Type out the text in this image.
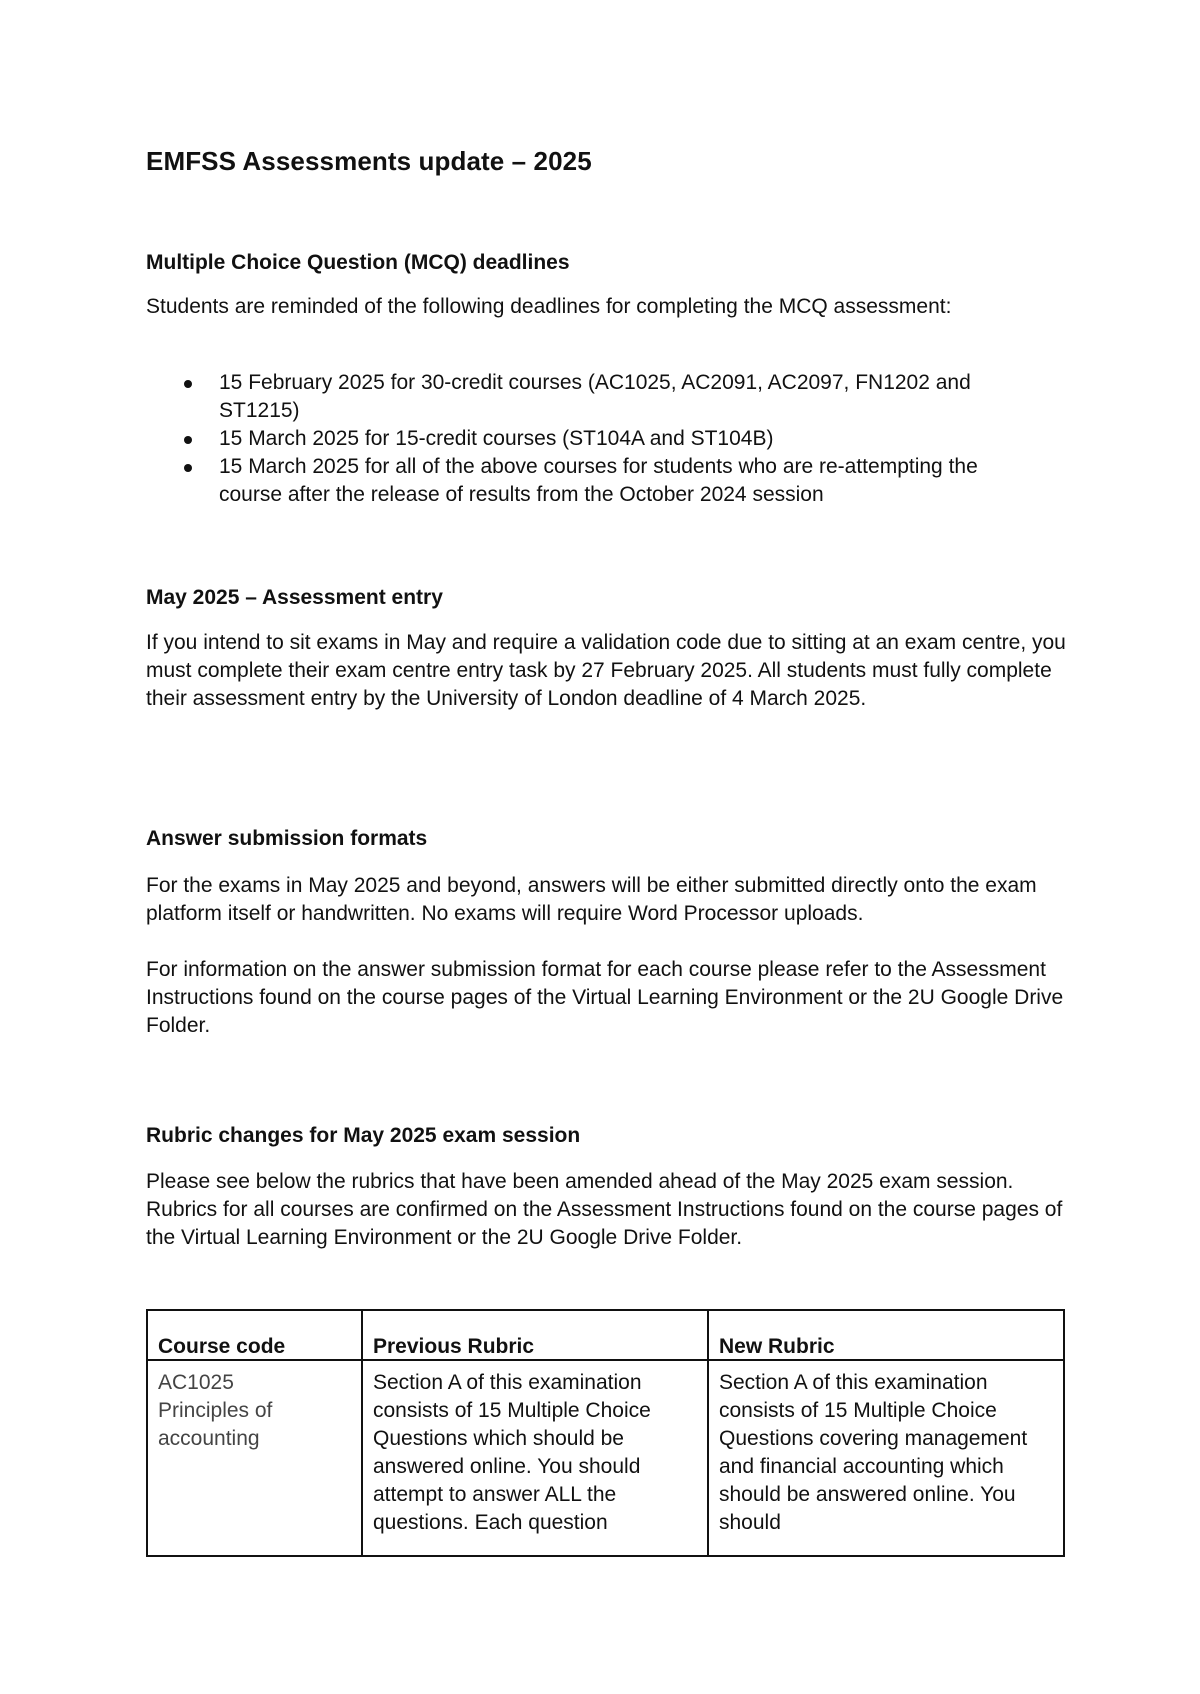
EMFSS Assessments update – 2025
Multiple Choice Question (MCQ) deadlines

Students are reminded of the following deadlines for completing the MCQ assessment:

15 February 2025 for 30-credit courses (AC1025, AC2091, AC2097, FN1202 and ST1215)
15 March 2025 for 15-credit courses (ST104A and ST104B)
15 March 2025 for all of the above courses for students who are re-attempting the course after the release of results from the October 2024 session
May 2025 – Assessment entry

If you intend to sit exams in May and require a validation code due to sitting at an exam centre, you must complete their exam centre entry task by 27 February 2025. All students must fully complete their assessment entry by the University of London deadline of 4 March 2025.

Answer submission formats

For the exams in May 2025 and beyond, answers will be either submitted directly onto the exam platform itself or handwritten. No exams will require Word Processor uploads.

For information on the answer submission format for each course please refer to the Assessment Instructions found on the course pages of the Virtual Learning Environment or the 2U Google Drive Folder.

Rubric changes for May 2025 exam session

Please see below the rubrics that have been amended ahead of the May 2025 exam session. Rubrics for all courses are confirmed on the Assessment Instructions found on the course pages of the Virtual Learning Environment or the 2U Google Drive Folder.

Course code	Previous Rubric	New Rubric

AC1025
Principles of accounting	Section A of this examination consists of 15 Multiple Choice Questions which should be answered online. You should attempt to answer ALL the questions. Each question	Section A of this examination consists of 15 Multiple Choice Questions covering management and financial accounting which should be answered online. You should
